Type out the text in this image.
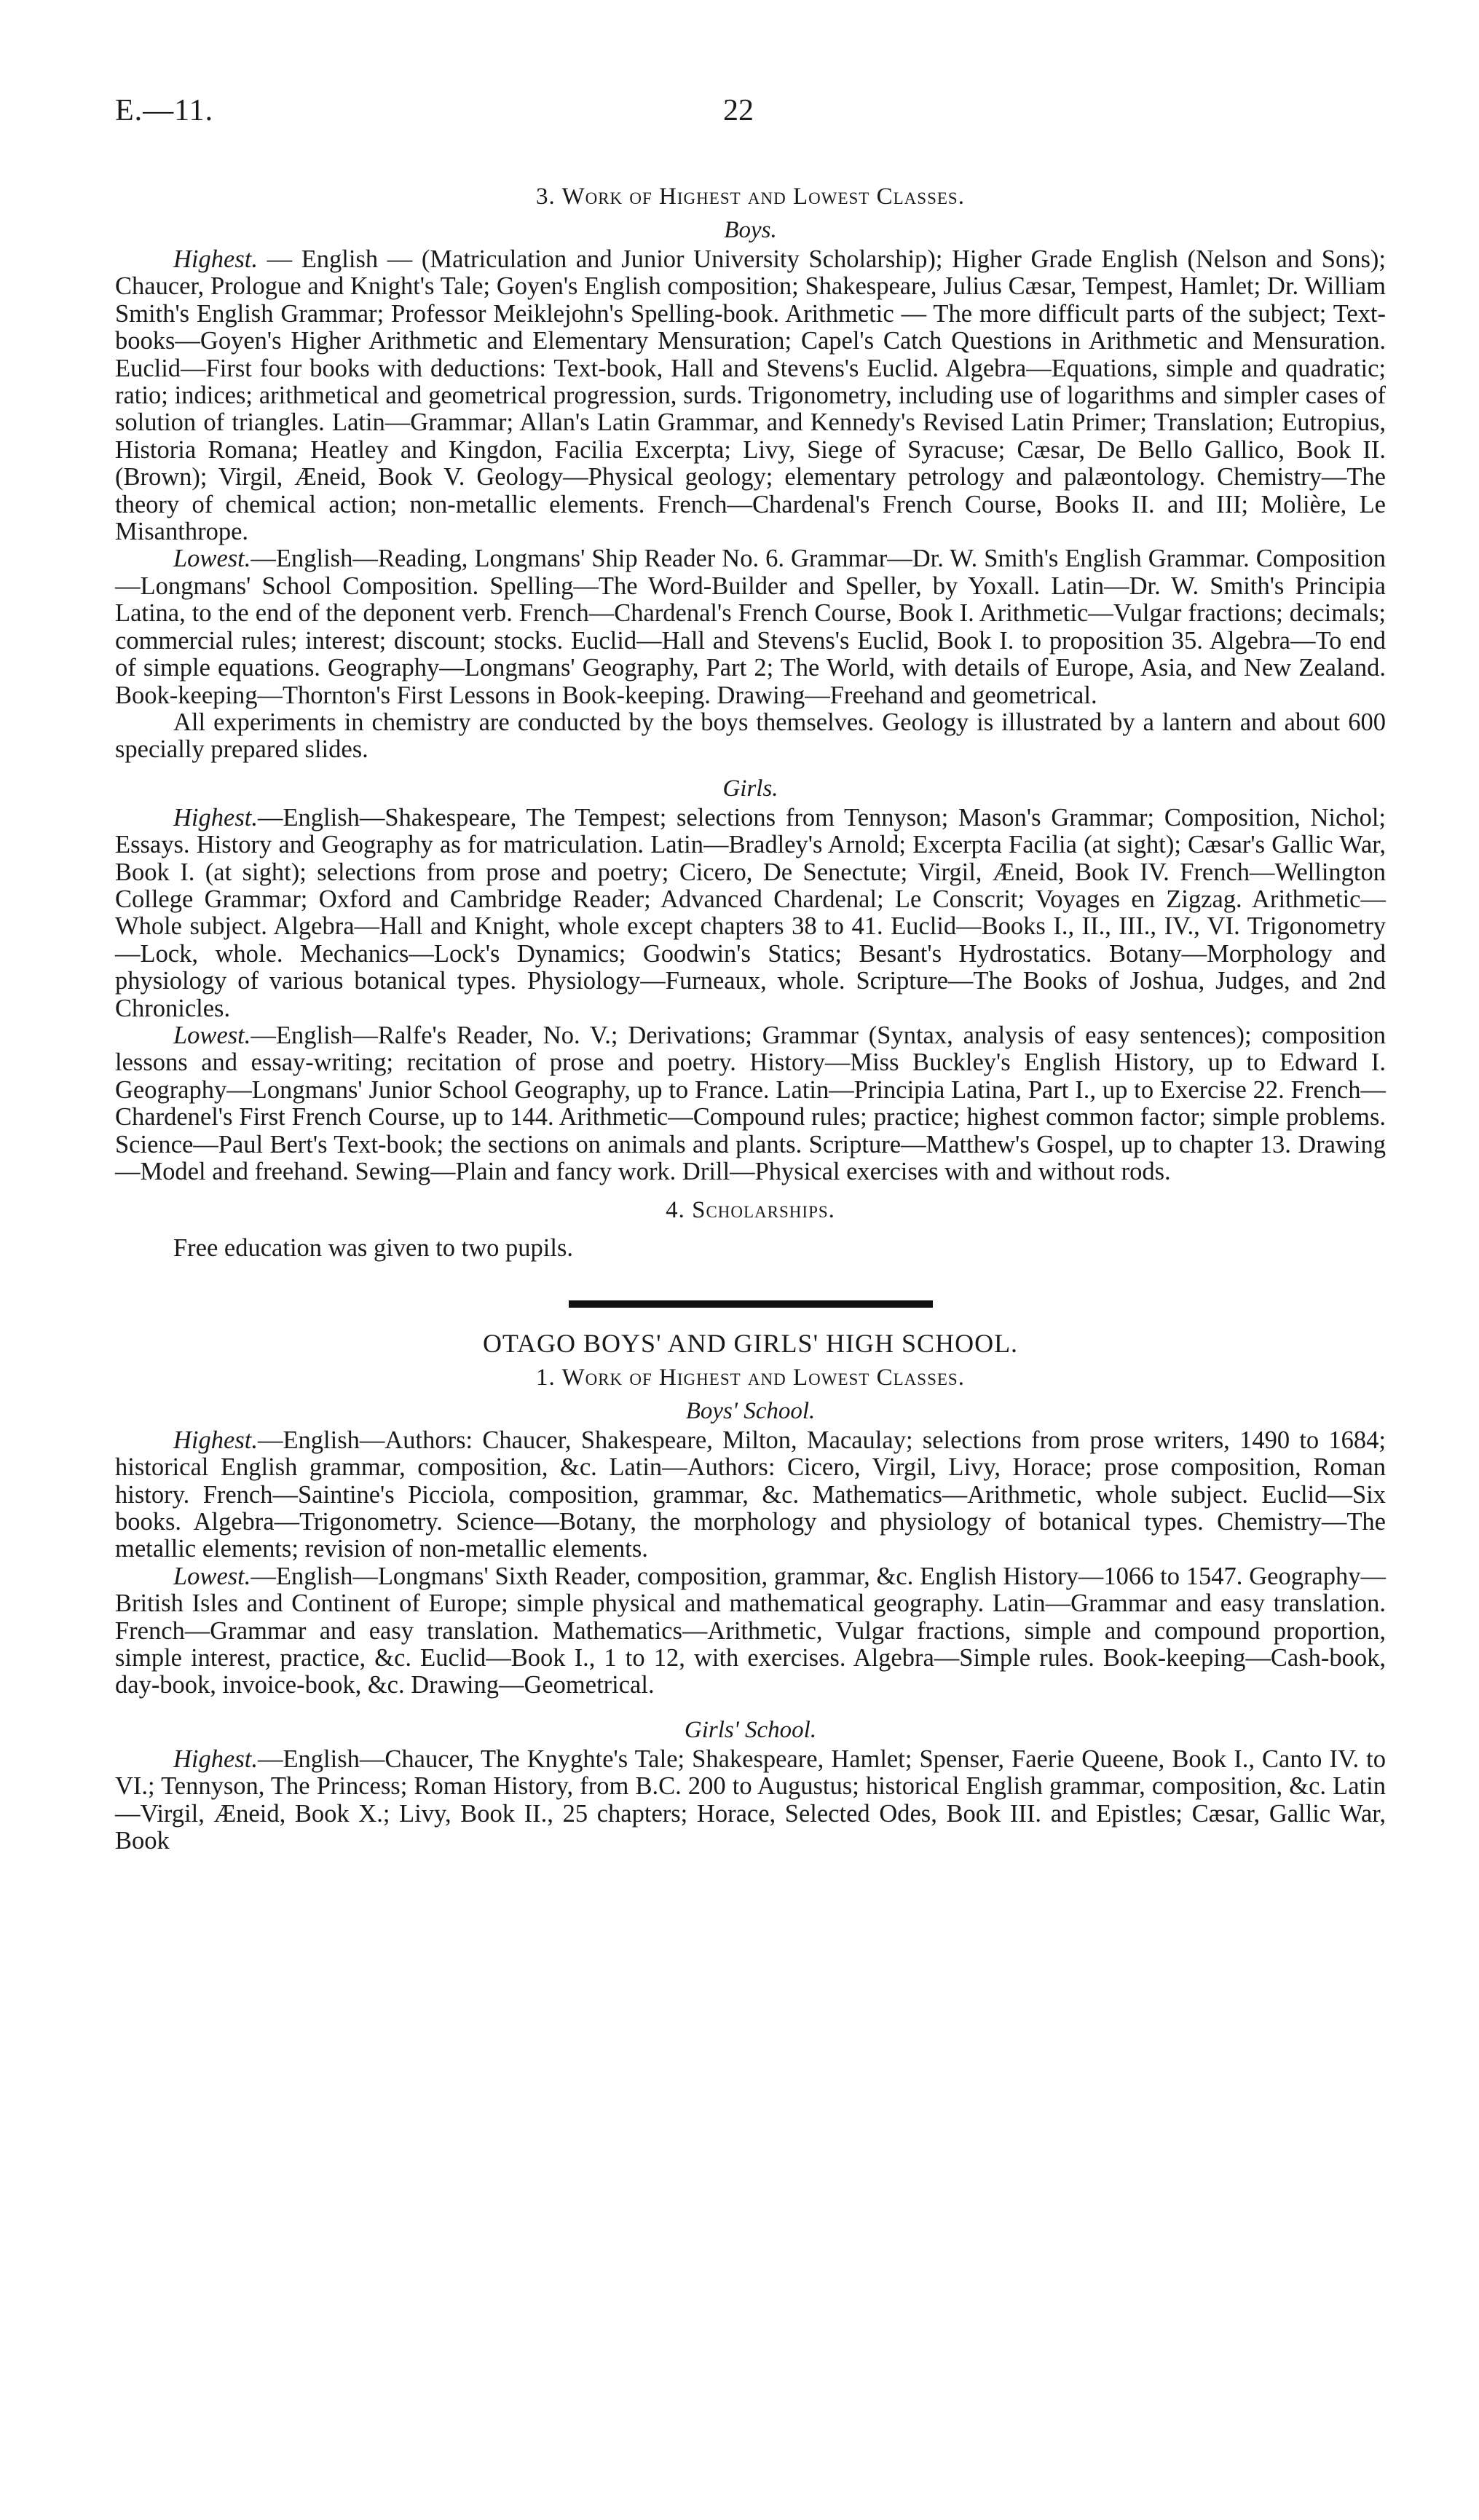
E.—11.	22

3. Work of Highest and Lowest Classes.

Boys.

Highest. — English — (Matriculation and Junior University Scholarship); Higher Grade English (Nelson and Sons); Chaucer, Prologue and Knight's Tale; Goyen's English composition; Shakespeare, Julius Cæsar, Tempest, Hamlet; Dr. William Smith's English Grammar; Professor Meiklejohn's Spelling-book. Arithmetic — The more difficult parts of the subject; Text-books—Goyen's Higher Arithmetic and Elementary Mensuration; Capel's Catch Questions in Arithmetic and Mensuration. Euclid—First four books with deductions: Text-book, Hall and Stevens's Euclid. Algebra—Equations, simple and quadratic; ratio; indices; arithmetical and geometrical progression, surds. Trigonometry, including use of logarithms and simpler cases of solution of triangles. Latin—Grammar; Allan's Latin Grammar, and Kennedy's Revised Latin Primer; Translation; Eutropius, Historia Romana; Heatley and Kingdon, Facilia Excerpta; Livy, Siege of Syracuse; Cæsar, De Bello Gallico, Book II. (Brown); Virgil, Æneid, Book V. Geology—Physical geology; elementary petrology and palæontology. Chemistry—The theory of chemical action; non-metallic elements. French—Chardenal's French Course, Books II. and III; Molière, Le Misanthrope.

Lowest.—English—Reading, Longmans' Ship Reader No. 6. Grammar—Dr. W. Smith's English Grammar. Composition—Longmans' School Composition. Spelling—The Word-Builder and Speller, by Yoxall. Latin—Dr. W. Smith's Principia Latina, to the end of the deponent verb. French—Chardenal's French Course, Book I. Arithmetic—Vulgar fractions; decimals; commercial rules; interest; discount; stocks. Euclid—Hall and Stevens's Euclid, Book I. to proposition 35. Algebra—To end of simple equations. Geography—Longmans' Geography, Part 2; The World, with details of Europe, Asia, and New Zealand. Book-keeping—Thornton's First Lessons in Book-keeping. Drawing—Freehand and geometrical.

All experiments in chemistry are conducted by the boys themselves. Geology is illustrated by a lantern and about 600 specially prepared slides.

Girls.

Highest.—English—Shakespeare, The Tempest; selections from Tennyson; Mason's Grammar; Composition, Nichol; Essays. History and Geography as for matriculation. Latin—Bradley's Arnold; Excerpta Facilia (at sight); Cæsar's Gallic War, Book I. (at sight); selections from prose and poetry; Cicero, De Senectute; Virgil, Æneid, Book IV. French—Wellington College Grammar; Oxford and Cambridge Reader; Advanced Chardenal; Le Conscrit; Voyages en Zigzag. Arithmetic—Whole subject. Algebra—Hall and Knight, whole except chapters 38 to 41. Euclid—Books I., II., III., IV., VI. Trigonometry—Lock, whole. Mechanics—Lock's Dynamics; Goodwin's Statics; Besant's Hydrostatics. Botany—Morphology and physiology of various botanical types. Physiology—Furneaux, whole. Scripture—The Books of Joshua, Judges, and 2nd Chronicles.

Lowest.—English—Ralfe's Reader, No. V.; Derivations; Grammar (Syntax, analysis of easy sentences); composition lessons and essay-writing; recitation of prose and poetry. History—Miss Buckley's English History, up to Edward I. Geography—Longmans' Junior School Geography, up to France. Latin—Principia Latina, Part I., up to Exercise 22. French—Chardenel's First French Course, up to 144. Arithmetic—Compound rules; practice; highest common factor; simple problems. Science—Paul Bert's Text-book; the sections on animals and plants. Scripture—Matthew's Gospel, up to chapter 13. Drawing—Model and freehand. Sewing—Plain and fancy work. Drill—Physical exercises with and without rods.

4. Scholarships.

Free education was given to two pupils.

OTAGO BOYS' AND GIRLS' HIGH SCHOOL.

1. Work of Highest and Lowest Classes.

Boys' School.

Highest.—English—Authors: Chaucer, Shakespeare, Milton, Macaulay; selections from prose writers, 1490 to 1684; historical English grammar, composition, &c. Latin—Authors: Cicero, Virgil, Livy, Horace; prose composition, Roman history. French—Saintine's Picciola, composition, grammar, &c. Mathematics—Arithmetic, whole subject. Euclid—Six books. Algebra—Trigonometry. Science—Botany, the morphology and physiology of botanical types. Chemistry—The metallic elements; revision of non-metallic elements.

Lowest.—English—Longmans' Sixth Reader, composition, grammar, &c. English History—1066 to 1547. Geography—British Isles and Continent of Europe; simple physical and mathematical geography. Latin—Grammar and easy translation. French—Grammar and easy translation. Mathematics—Arithmetic, Vulgar fractions, simple and compound proportion, simple interest, practice, &c. Euclid—Book I., 1 to 12, with exercises. Algebra—Simple rules. Book-keeping—Cash-book, day-book, invoice-book, &c. Drawing—Geometrical.

Girls' School.

Highest.—English—Chaucer, The Knyghte's Tale; Shakespeare, Hamlet; Spenser, Faerie Queene, Book I., Canto IV. to VI.; Tennyson, The Princess; Roman History, from B.C. 200 to Augustus; historical English grammar, composition, &c. Latin—Virgil, Æneid, Book X.; Livy, Book II., 25 chapters; Horace, Selected Odes, Book III. and Epistles; Cæsar, Gallic War, Book
